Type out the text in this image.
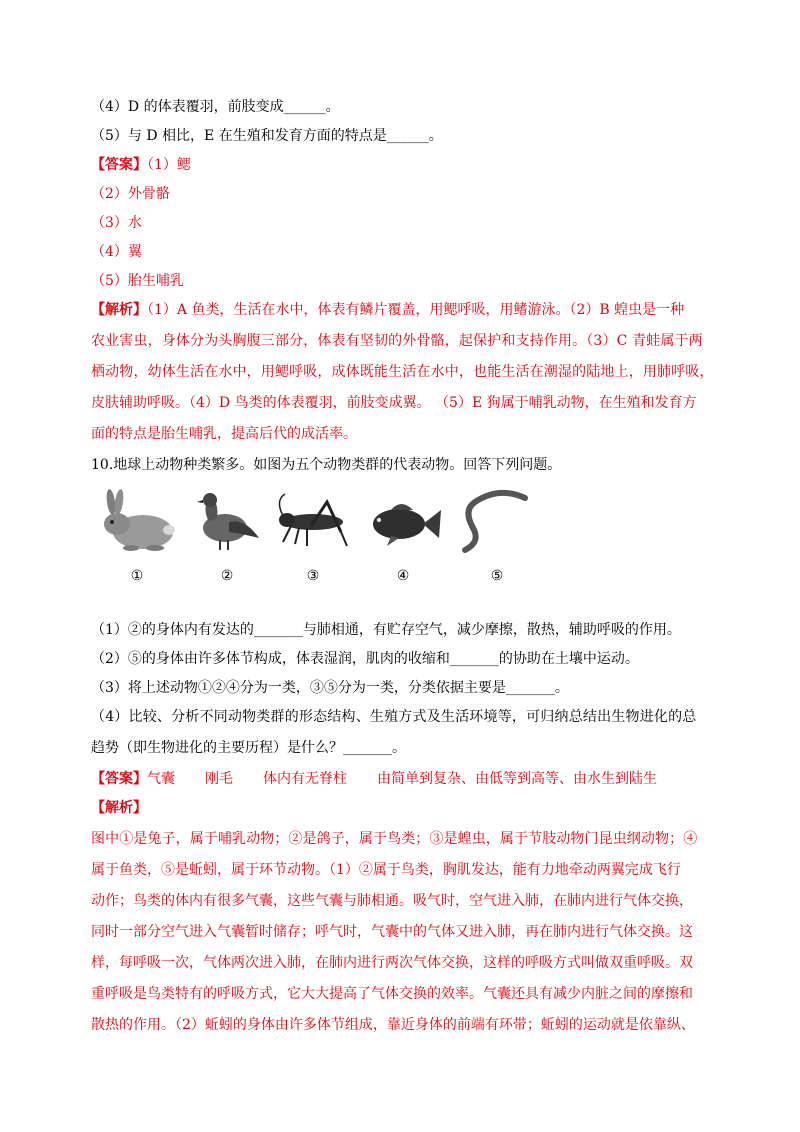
（4）D 的体表覆羽，前肢变成______。
（5）与 D 相比，E 在生殖和发育方面的特点是______。
【答案】（1）鳃
（2）外骨骼
（3）水
（4）翼
（5）胎生哺乳
【解析】（1）A 鱼类，生活在水中，体表有鳞片覆盖，用鳃呼吸，用鳍游泳。（2）B 蝗虫是一种
农业害虫，身体分为头胸腹三部分，体表有坚韧的外骨骼，起保护和支持作用。（3）C 青蛙属于两
栖动物，幼体生活在水中，用鳃呼吸，成体既能生活在水中，也能生活在潮湿的陆地上，用肺呼吸，
皮肤辅助呼吸。（4）D 鸟类的体表覆羽，前肢变成翼。 （5）E 狗属于哺乳动物，在生殖和发育方
面的特点是胎生哺乳，提高后代的成活率。
10.地球上动物种类繁多。如图为五个动物类群的代表动物。回答下列问题。
①	②	③	④	⑤
（1）②的身体内有发达的_______与肺相通，有贮存空气，减少摩擦，散热，辅助呼吸的作用。
（2）⑤的身体由许多体节构成，体表湿润，肌肉的收缩和_______的协助在土壤中运动。
（3）将上述动物①②④分为一类，③⑤分为一类，分类依据主要是_______。
（4）比较、分析不同动物类群的形态结构、生殖方式及生活环境等，可归纳总结出生物进化的总
趋势（即生物进化的主要历程）是什么？_______。
【答案】气囊 刚毛 体内有无脊柱 由简单到复杂、由低等到高等、由水生到陆生
【解析】
图中①是兔子，属于哺乳动物；②是鸽子，属于鸟类；③是蝗虫，属于节肢动物门昆虫纲动物；④
属于鱼类，⑤是蚯蚓，属于环节动物。（1）②属于鸟类，胸肌发达，能有力地牵动两翼完成飞行
动作；鸟类的体内有很多气囊，这些气囊与肺相通。吸气时，空气进入肺，在肺内进行气体交换，
同时一部分空气进入气囊暂时储存；呼气时，气囊中的气体又进入肺，再在肺内进行气体交换。这
样，每呼吸一次，气体两次进入肺，在肺内进行两次气体交换，这样的呼吸方式叫做双重呼吸。双
重呼吸是鸟类特有的呼吸方式，它大大提高了气体交换的效率。气囊还具有减少内脏之间的摩擦和
散热的作用。（2）蚯蚓的身体由许多体节组成，靠近身体的前端有环带；蚯蚓的运动就是依靠纵、
